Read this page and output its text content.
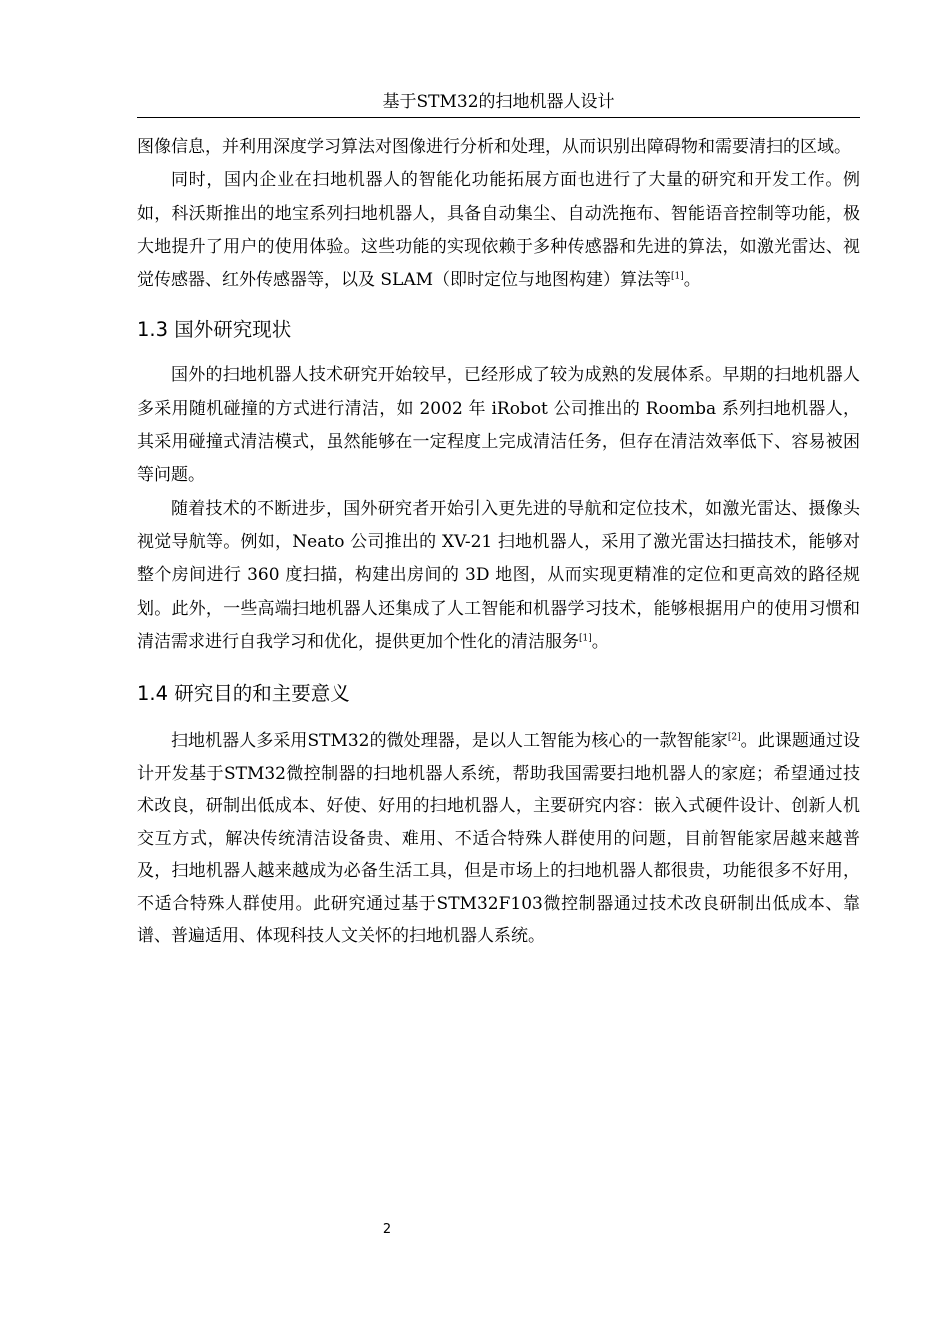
基于STM32的扫地机器人设计

图像信息，并利用深度学习算法对图像进行分析和处理，从而识别出障碍物和需要清扫的区域。

同时，国内企业在扫地机器人的智能化功能拓展方面也进行了大量的研究和开发工作。例如，科沃斯推出的地宝系列扫地机器人，具备自动集尘、自动洗拖布、智能语音控制等功能，极大地提升了用户的使用体验。这些功能的实现依赖于多种传感器和先进的算法，如激光雷达、视觉传感器、红外传感器等，以及 SLAM（即时定位与地图构建）算法等[1]。

1.3 国外研究现状

国外的扫地机器人技术研究开始较早，已经形成了较为成熟的发展体系。早期的扫地机器人多采用随机碰撞的方式进行清洁，如 2002 年 iRobot 公司推出的 Roomba 系列扫地机器人，其采用碰撞式清洁模式，虽然能够在一定程度上完成清洁任务，但存在清洁效率低下、容易被困等问题。

随着技术的不断进步，国外研究者开始引入更先进的导航和定位技术，如激光雷达、摄像头视觉导航等。例如，Neato 公司推出的 XV-21 扫地机器人，采用了激光雷达扫描技术，能够对整个房间进行 360 度扫描，构建出房间的 3D 地图，从而实现更精准的定位和更高效的路径规划。此外，一些高端扫地机器人还集成了人工智能和机器学习技术，能够根据用户的使用习惯和清洁需求进行自我学习和优化，提供更加个性化的清洁服务[1]。

1.4 研究目的和主要意义

扫地机器人多采用STM32的微处理器，是以人工智能为核心的一款智能家[2]。此课题通过设计开发基于STM32微控制器的扫地机器人系统，帮助我国需要扫地机器人的家庭；希望通过技术改良，研制出低成本、好使、好用的扫地机器人，主要研究内容：嵌入式硬件设计、创新人机交互方式，解决传统清洁设备贵、难用、不适合特殊人群使用的问题，目前智能家居越来越普及，扫地机器人越来越成为必备生活工具，但是市场上的扫地机器人都很贵，功能很多不好用，不适合特殊人群使用。此研究通过基于STM32F103微控制器通过技术改良研制出低成本、靠谱、普遍适用、体现科技人文关怀的扫地机器人系统。

2
